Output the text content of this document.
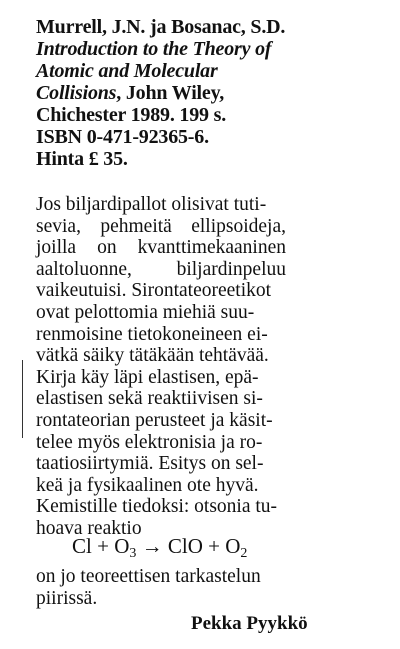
Murrell, J.N. ja Bosanac, S.D.
Introduction to the Theory of
Atomic and Molecular
Collisions, John Wiley,
Chichester 1989. 199 s.
ISBN 0-471-92365-6.
Hinta £ 35.
Jos biljardipallot olisivat tuti-
sevia, pehmeitä ellipsoideja,
joilla on kvanttimekaaninen
aaltoluonne, biljardinpeluu
vaikeutuisi. Sirontateoreetikot
ovat pelottomia miehiä suu-
renmoisine tietokoneineen ei-
vätkä säiky tätäkään tehtävää.
Kirja käy läpi elastisen, epä-
elastisen sekä reaktiivisen si-
rontateorian perusteet ja käsit-
telee myös elektronisia ja ro-
taatiosiirtymiä. Esitys on sel-
keä ja fysikaalinen ote hyvä.
Kemistille tiedoksi: otsonia tu-
hoava reaktio
$Cl + O_3$ → ClO + $O_2$
on jo teoreettisen tarkastelun
piirissä.
Pekka Pyykkö
